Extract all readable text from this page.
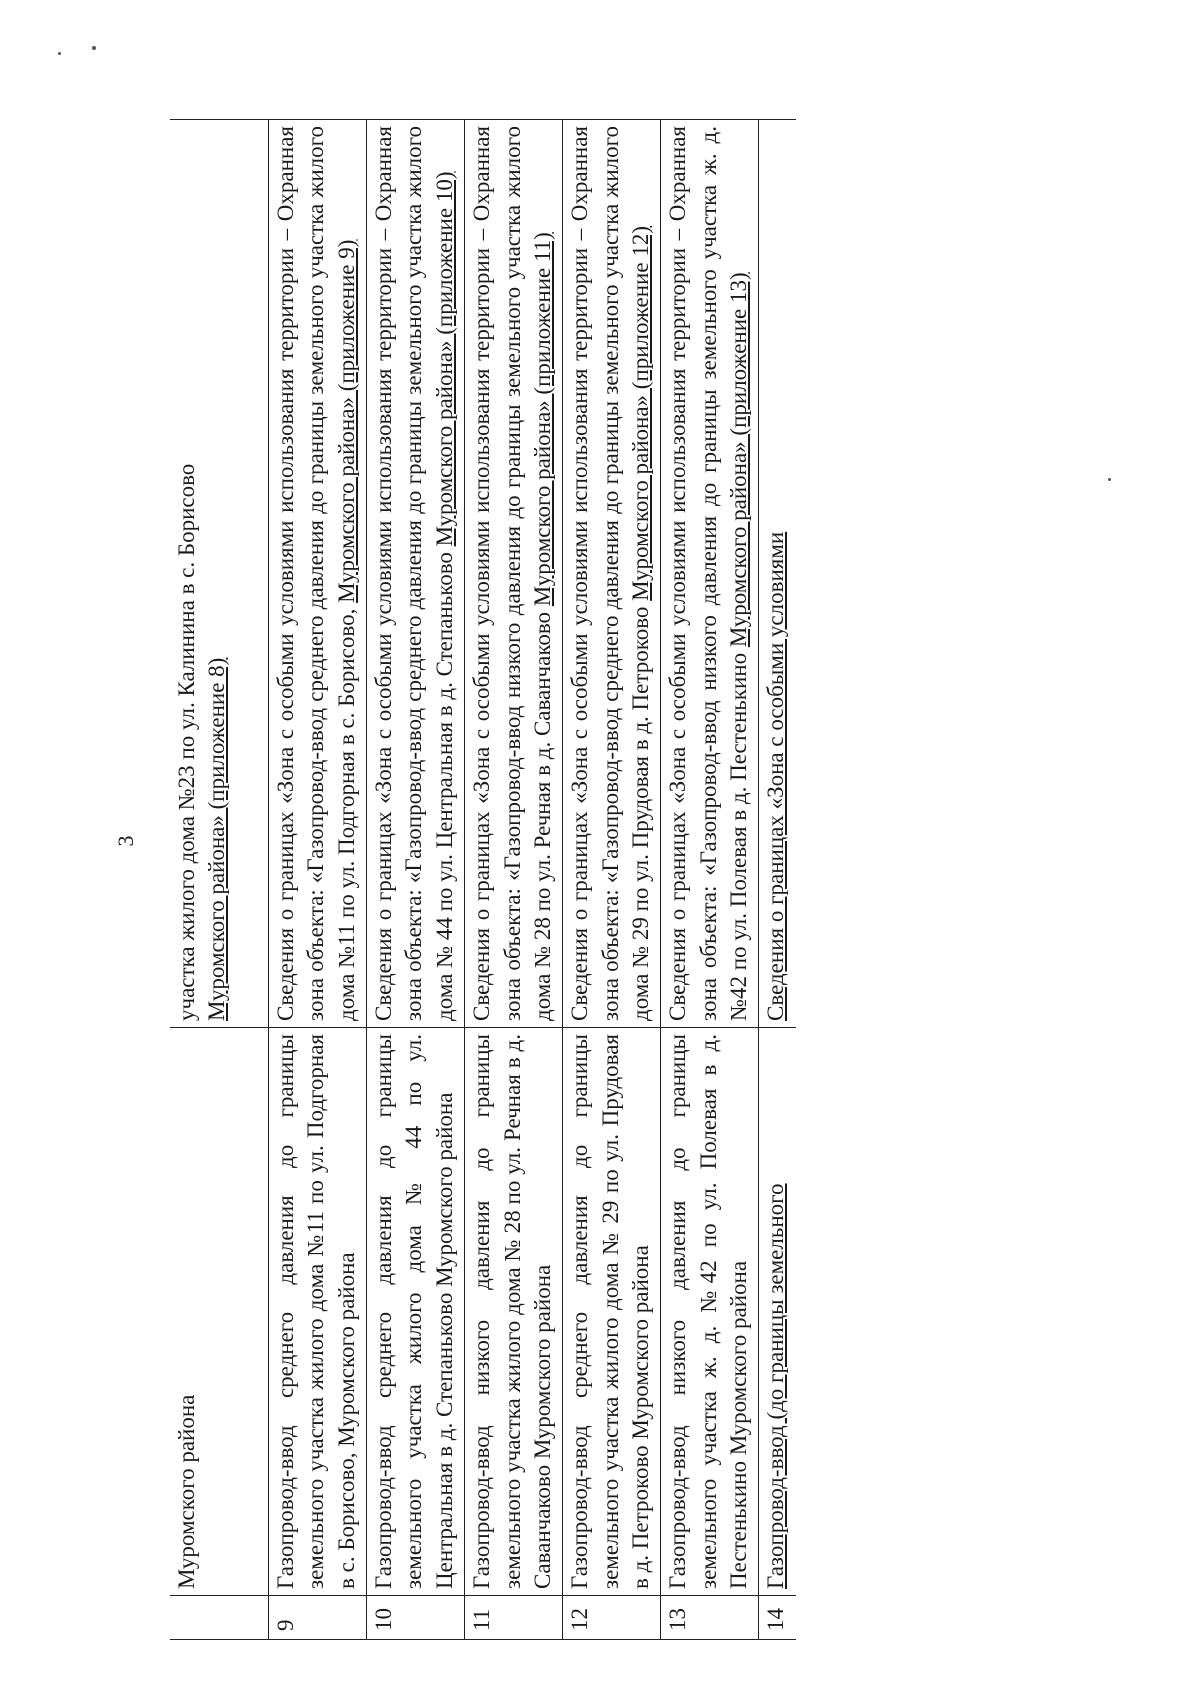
3
	Муромского района	участка жилого дома №23 по ул. Калинина в с. Борисово Муромского района» (приложение 8)
9	Газопровод-ввод среднего давления до границы земельного участка жилого дома №11 по ул. Подгорная в с. Борисово, Муромского района	Сведения о границах «Зона с особыми условиями использования территории – Охранная зона объекта: «Газопровод-ввод среднего давления до границы земельного участка жилого дома №11 по ул. Подгорная в с. Борисово, Муромского района» (приложение 9)
10	Газопровод-ввод среднего давления до границы земельного участка жилого дома № 44 по ул. Центральная в д. Степаньково Муромского района	Сведения о границах «Зона с особыми условиями использования территории – Охранная зона объекта: «Газопровод-ввод среднего давления до границы земельного участка жилого дома № 44 по ул. Центральная в д. Степаньково Муромского района» (приложение 10)
11	Газопровод-ввод низкого давления до границы земельного участка жилого дома № 28 по ул. Речная в д. Саванчаково Муромского района	Сведения о границах «Зона с особыми условиями использования территории – Охранная зона объекта: «Газопровод-ввод низкого давления до границы земельного участка жилого дома № 28 по ул. Речная в д. Саванчаково Муромского района» (приложение 11)
12	Газопровод-ввод среднего давления до границы земельного участка жилого дома № 29 по ул. Прудовая в д. Петроково Муромского района	Сведения о границах «Зона с особыми условиями использования территории – Охранная зона объекта: «Газопровод-ввод среднего давления до границы земельного участка жилого дома № 29 по ул. Прудовая в д. Петроково Муромского района» (приложение 12)
13	Газопровод-ввод низкого давления до границы земельного участка ж. д. №42 по ул. Полевая в д. Пестенькино Муромского района	Сведения о границах «Зона с особыми условиями использования территории – Охранная зона объекта: «Газопровод-ввод низкого давления до границы земельного участка ж. д. №42 по ул. Полевая в д. Пестенькино Муромского района» (приложение 13)
14	Газопровод-ввод (до границы земельного	Сведения о границах «Зона с особыми условиями
